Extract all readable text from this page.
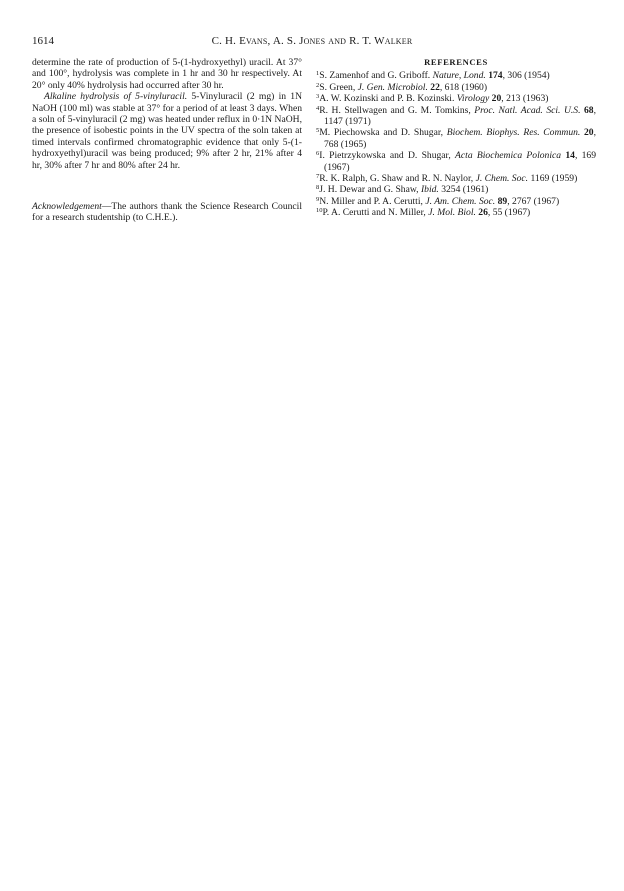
1614	C. H. Evans, A. S. Jones and R. T. Walker

determine the rate of production of 5-(1-hydroxyethyl) uracil. At 37° and 100°, hydrolysis was complete in 1 hr and 30 hr respectively. At 20° only 40% hydrolysis had occurred after 30 hr.

Alkaline hydrolysis of 5-vinyluracil. 5-Vinyluracil (2 mg) in 1N NaOH (100 ml) was stable at 37° for a period of at least 3 days. When a soln of 5-vinyluracil (2 mg) was heated under reflux in 0·1N NaOH, the presence of isobestic points in the UV spectra of the soln taken at timed intervals confirmed chromatographic evidence that only 5-(1-hydroxyethyl)uracil was being produced; 9% after 2 hr, 21% after 4 hr, 30% after 7 hr and 80% after 24 hr.

Acknowledgement—The authors thank the Science Research Council for a research studentship (to C.H.E.).

REFERENCES

$^1$S. Zamenhof and G. Griboff. Nature, Lond. 174, 306 (1954)

$^2$S. Green, J. Gen. Microbiol. 22, 618 (1960)

$^3$A. W. Kozinski and P. B. Kozinski. Virology 20, 213 (1963)

$^4$R. H. Stellwagen and G. M. Tomkins, Proc. Natl. Acad. Sci. U.S. 68, 1147 (1971)

$^5$M. Piechowska and D. Shugar, Biochem. Biophys. Res. Commun. 20, 768 (1965)

$^6$I. Pietrzykowska and D. Shugar, Acta Biochemica Polonica 14, 169 (1967)

$^7$R. K. Ralph, G. Shaw and R. N. Naylor, J. Chem. Soc. 1169 (1959)

$^8$J. H. Dewar and G. Shaw, Ibid. 3254 (1961)

$^9$N. Miller and P. A. Cerutti, J. Am. Chem. Soc. 89, 2767 (1967)

$^{10}$P. A. Cerutti and N. Miller, J. Mol. Biol. 26, 55 (1967)
